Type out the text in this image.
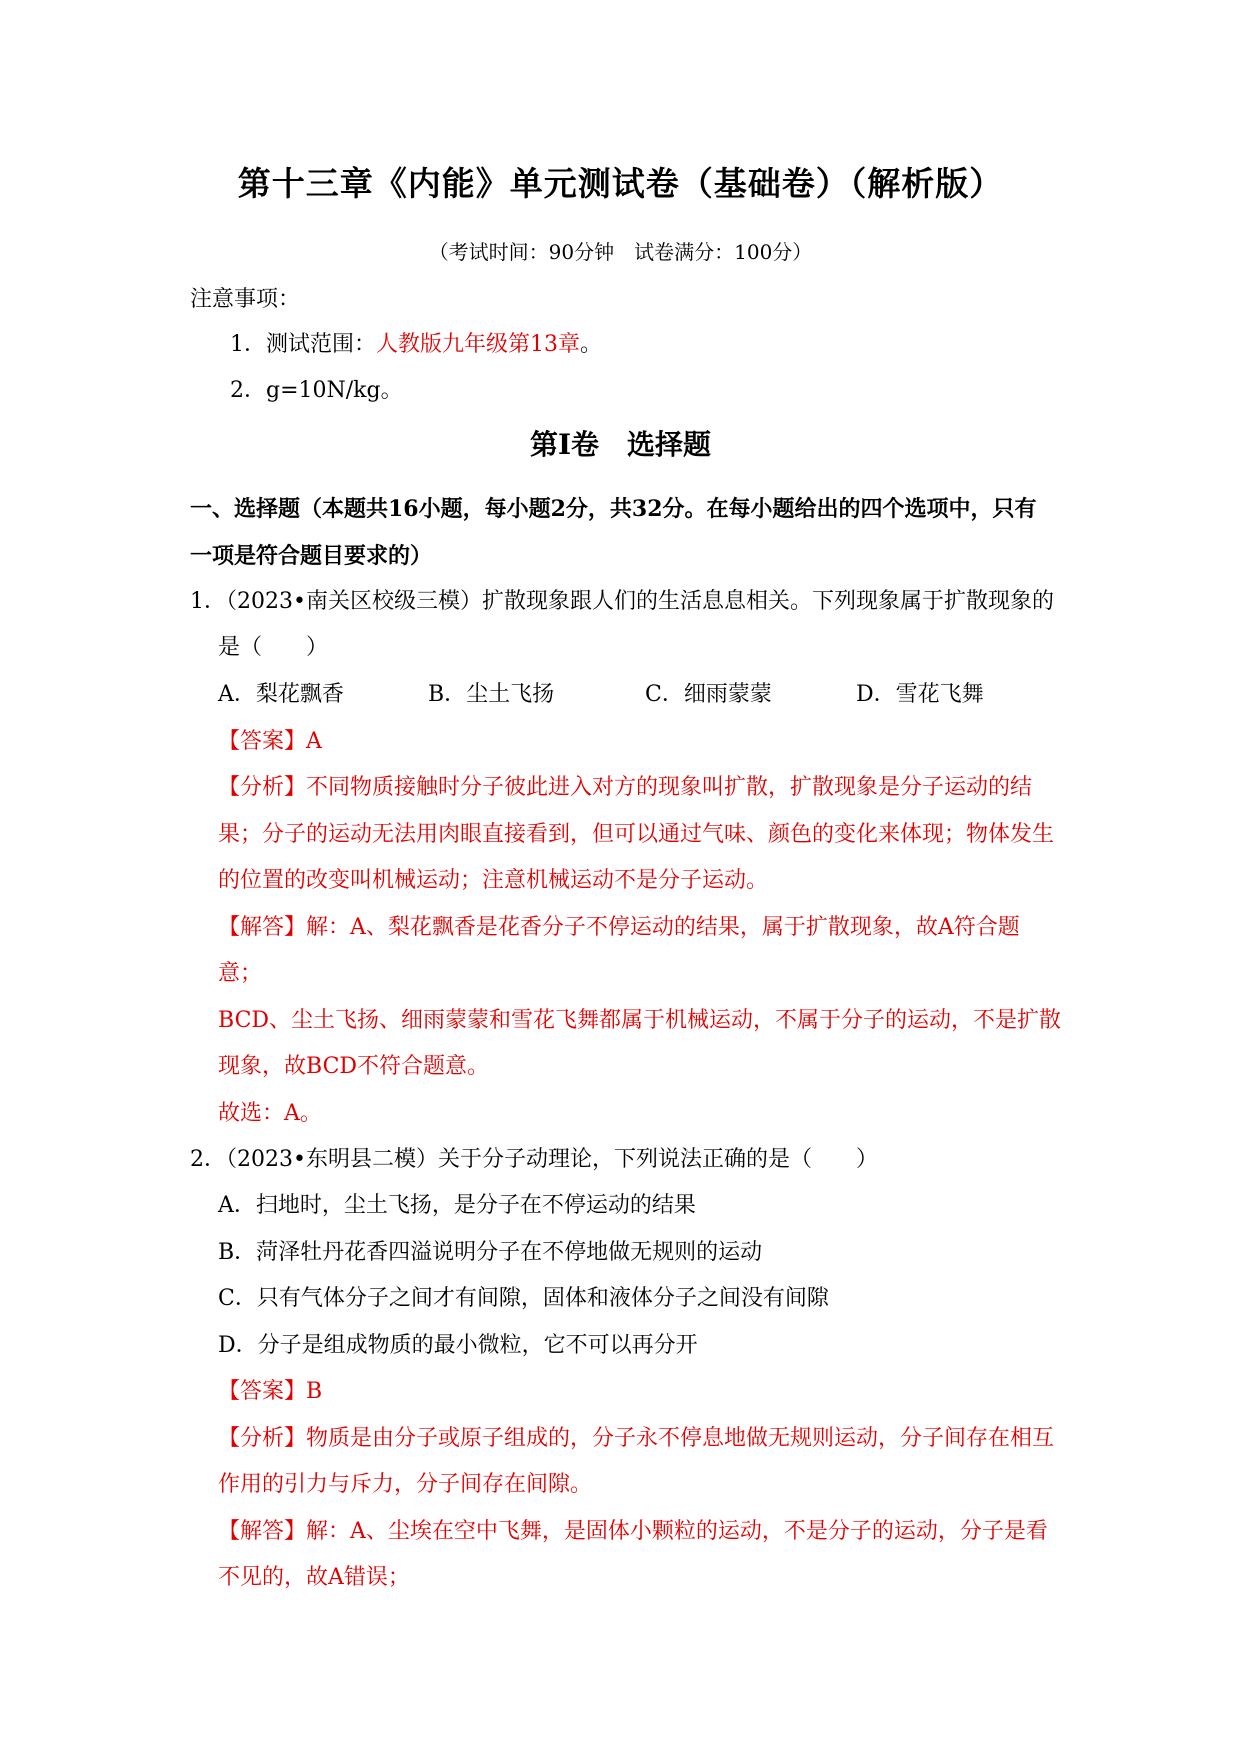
第十三章《内能》单元测试卷（基础卷）（解析版）
（考试时间：90分钟　试卷满分：100分）
注意事项：
1．测试范围：人教版九年级第13章。
2．g=10N/kg。
第Ⅰ卷　选择题
一、选择题（本题共16小题，每小题2分，共32分。在每小题给出的四个选项中，只有
一项是符合题目要求的）
1．（2023•南关区校级三模）扩散现象跟人们的生活息息相关。下列现象属于扩散现象的
是（　　）
A．梨花飘香	B．尘土飞扬	C．细雨蒙蒙	D．雪花飞舞
【答案】A
【分析】不同物质接触时分子彼此进入对方的现象叫扩散，扩散现象是分子运动的结
果；分子的运动无法用肉眼直接看到，但可以通过气味、颜色的变化来体现；物体发生
的位置的改变叫机械运动；注意机械运动不是分子运动。
【解答】解：A、梨花飘香是花香分子不停运动的结果，属于扩散现象，故A符合题
意；
BCD、尘土飞扬、细雨蒙蒙和雪花飞舞都属于机械运动，不属于分子的运动，不是扩散
现象，故BCD不符合题意。
故选：A。
2．（2023•东明县二模）关于分子动理论，下列说法正确的是（　　）
A．扫地时，尘土飞扬，是分子在不停运动的结果
B．菏泽牡丹花香四溢说明分子在不停地做无规则的运动
C．只有气体分子之间才有间隙，固体和液体分子之间没有间隙
D．分子是组成物质的最小微粒，它不可以再分开
【答案】B
【分析】物质是由分子或原子组成的，分子永不停息地做无规则运动，分子间存在相互
作用的引力与斥力，分子间存在间隙。
【解答】解：A、尘埃在空中飞舞，是固体小颗粒的运动，不是分子的运动，分子是看
不见的，故A错误；
